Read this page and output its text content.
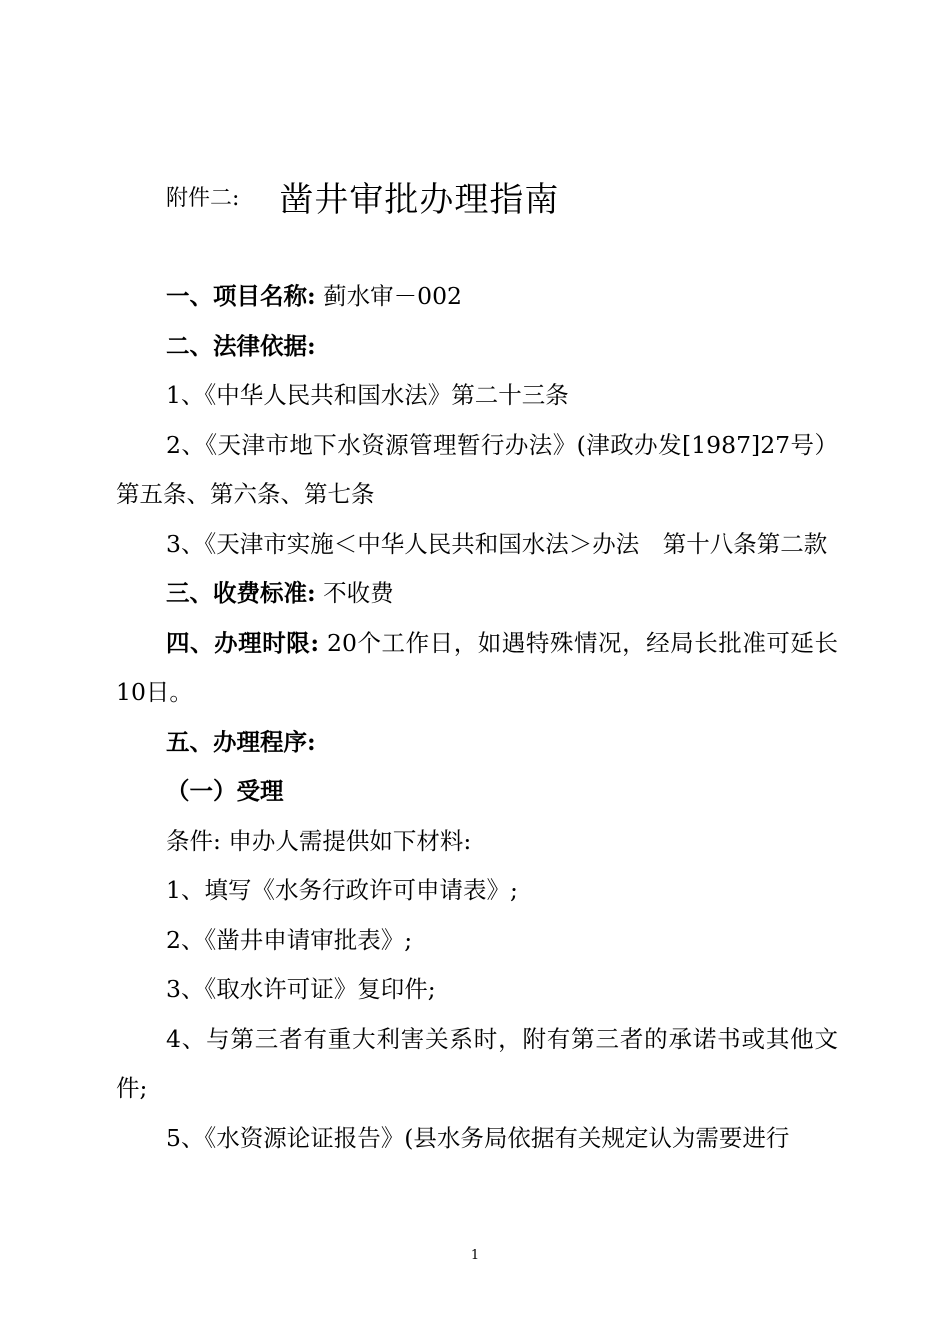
附件二: 凿井审批办理指南

一、项目名称: 蓟水审－002

二、法律依据:

1、《中华人民共和国水法》第二十三条

2、《天津市地下水资源管理暂行办法》(津政办发[1987]27号）第五条、第六条、第七条

3、《天津市实施＜中华人民共和国水法＞办法　第十八条第二款

三、收费标准: 不收费

四、办理时限: 20个工作日，如遇特殊情况，经局长批准可延长10日。

五、办理程序:

（一）受理

条件: 申办人需提供如下材料:

1、填写《水务行政许可申请表》;

2、《凿井申请审批表》;

3、《取水许可证》复印件;

4、与第三者有重大利害关系时，附有第三者的承诺书或其他文件;

5、《水资源论证报告》(县水务局依据有关规定认为需要进行

1
